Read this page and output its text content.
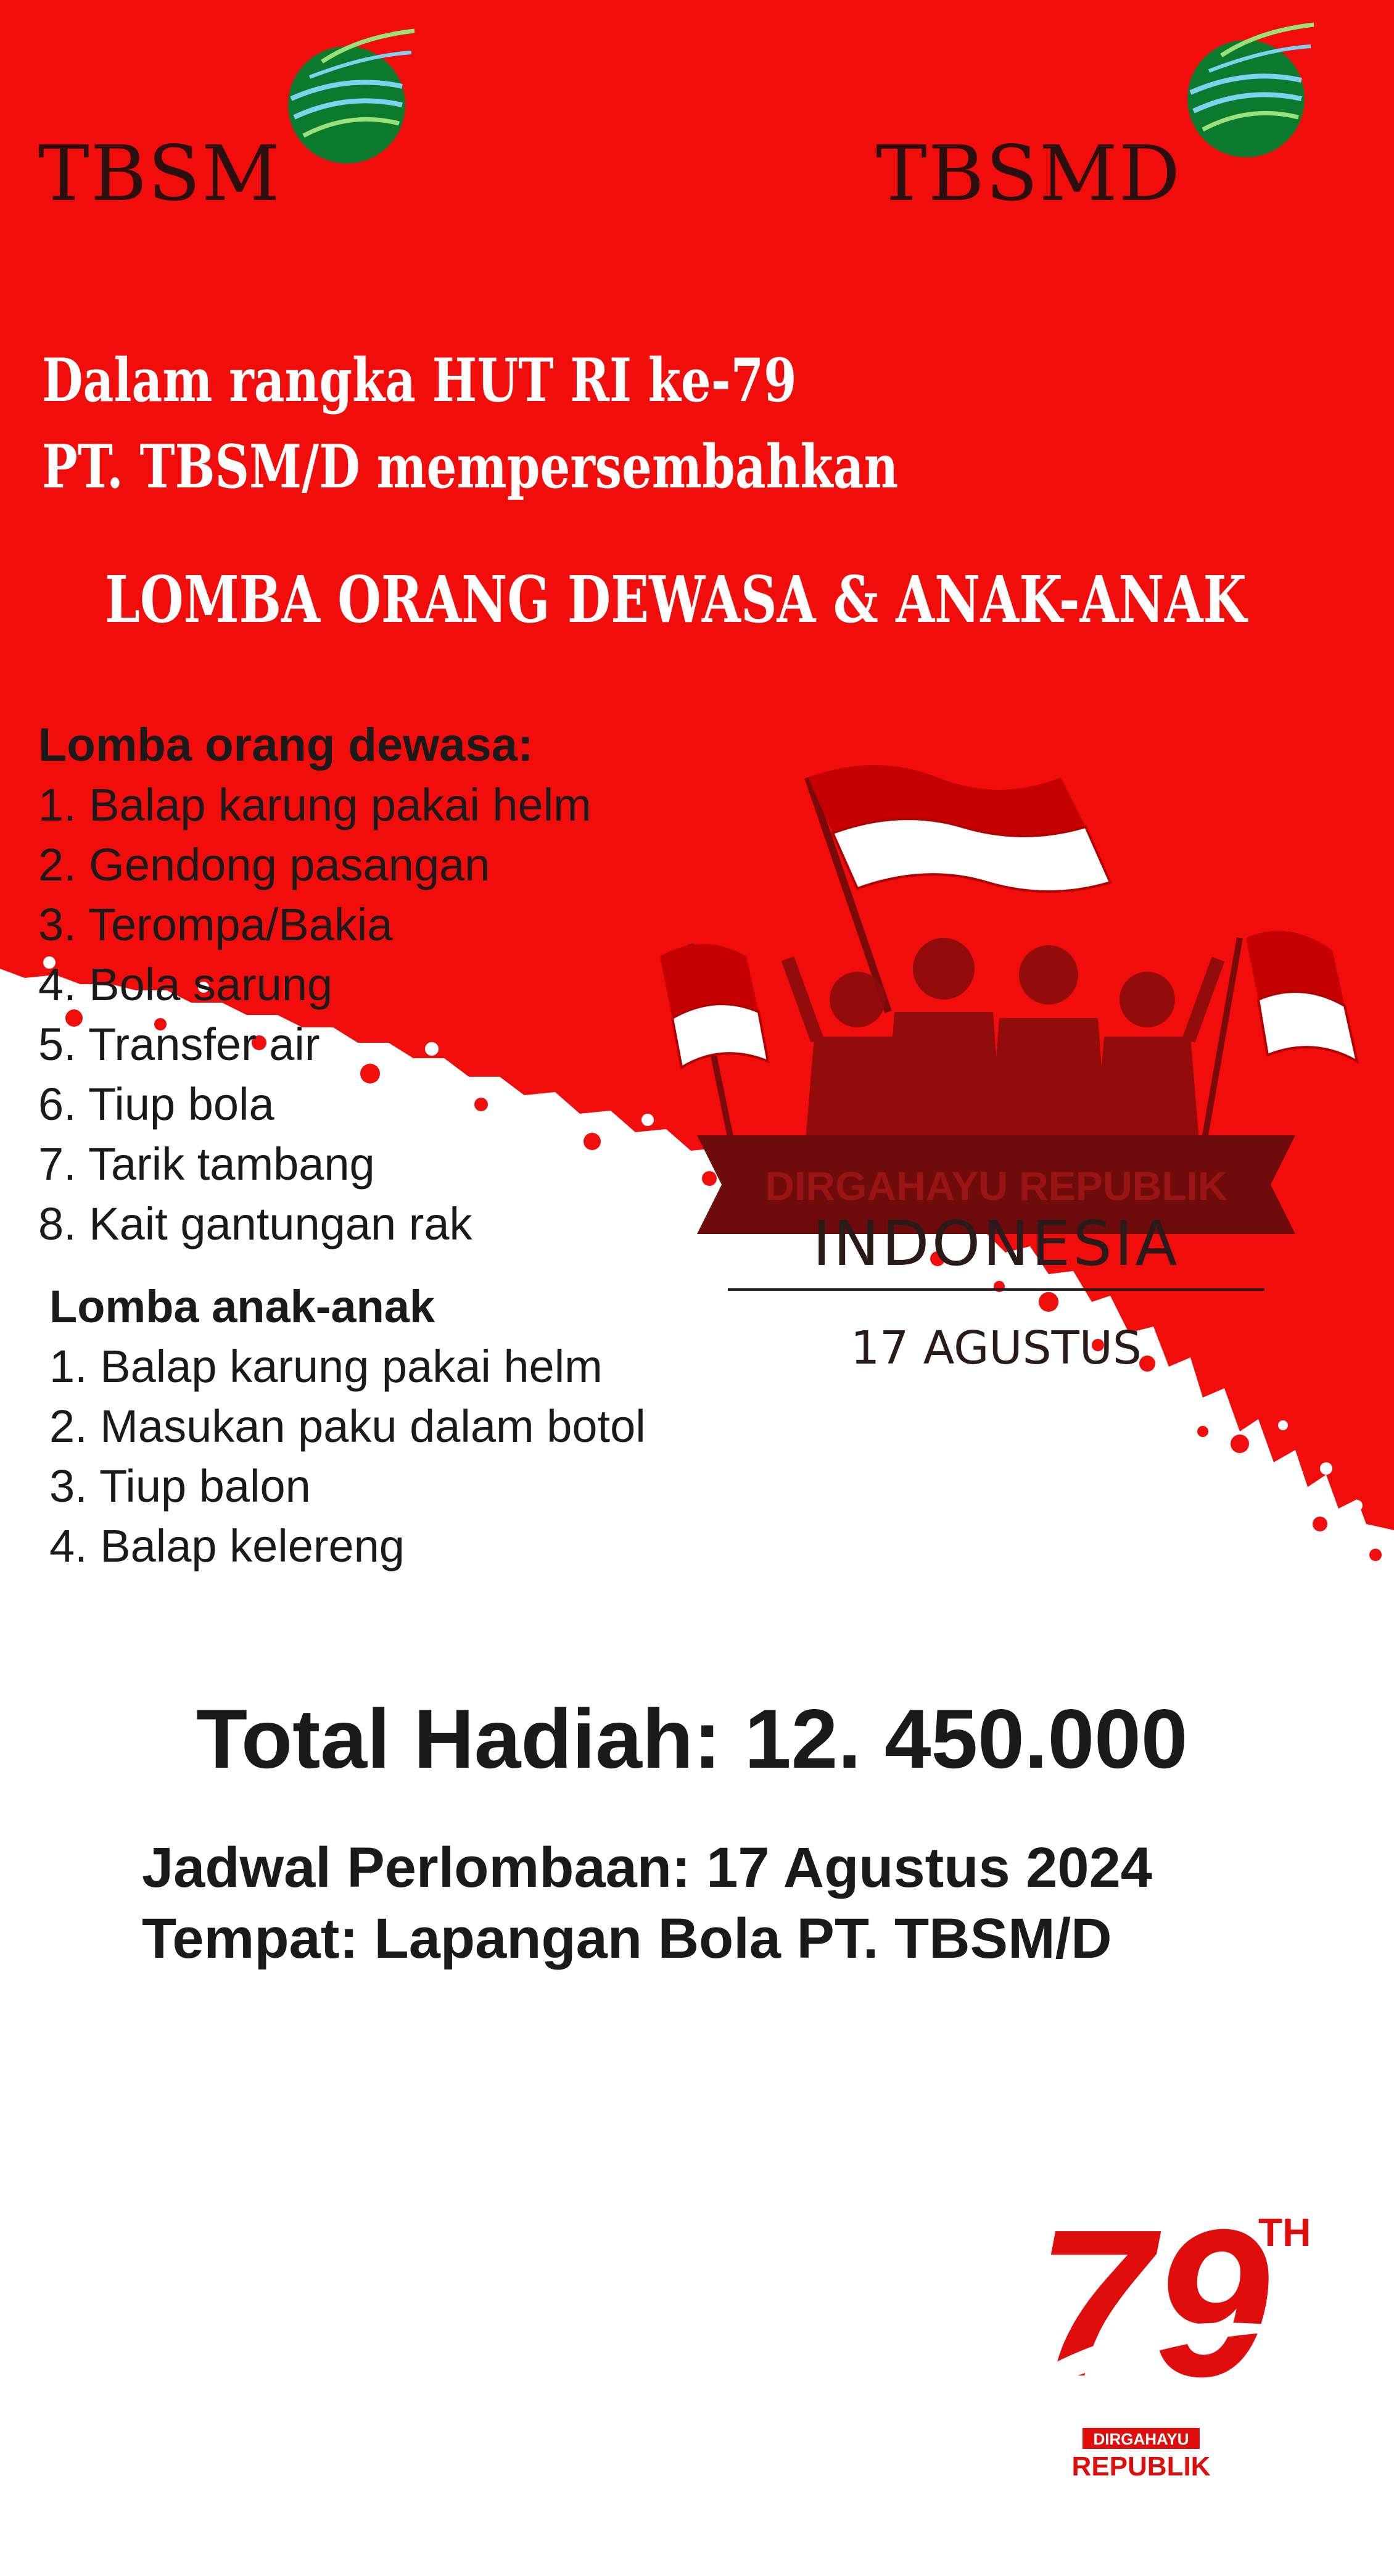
TBSM	TBSMD
Dalam rangka HUT RI ke-79
PT. TBSM/D mempersembahkan
LOMBA ORANG DEWASA & ANAK-ANAK
Lomba orang dewasa:
1. Balap karung pakai helm
2. Gendong pasangan
3. Terompa/Bakia
4. Bola sarung
5. Transfer air
6. Tiup bola
7. Tarik tambang
8. Kait gantungan rak
Lomba anak-anak
1. Balap karung pakai helm
2. Masukan paku dalam botol
3. Tiup balon
4. Balap kelereng
DIRGAHAYU REPUBLIK
INDONESIA
17 AGUSTUS
Total Hadiah: 12. 450.000
Jadwal Perlombaan: 17 Agustus 2024
Tempat: Lapangan Bola PT. TBSM/D
79
TH
DIRGAHAYU
REPUBLIK
